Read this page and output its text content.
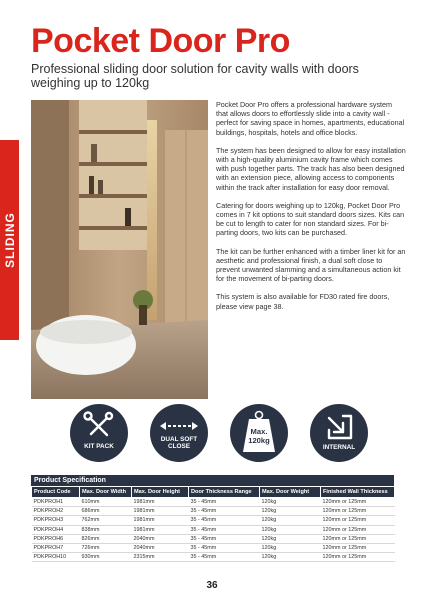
Pocket Door Pro
Professional sliding door solution for cavity walls with doors weighing up to 120kg
SLIDING

Pocket Door Pro offers a professional hardware system that allows doors to effortlessly slide into a cavity wall - perfect for saving space in homes, apartments, educational buildings, hospitals, hotels and office blocks.

The system has been designed to allow for easy installation with a high-quality aluminium cavity frame which comes with push together parts. The track has also been designed with an extension piece, allowing access to components within the track after installation for easy door removal.

Catering for doors weighing up to 120kg, Pocket Door Pro comes in 7 kit options to suit standard doors sizes. Kits can be cut to length to cater for non standard sizes. For bi-parting doors, two kits can be purchased.

The kit can be further enhanced with a timber liner kit for an aesthetic and professional finish, a dual soft close to prevent unwanted slamming and a simultaneous action kit for the movement of bi-parting doors.

This system is also available for FD30 rated fire doors, please view page 38.

KIT PACK
DUAL SOFT CLOSE
Max.
120kg
INTERNAL
Product Specification
Product Code	Max. Door Width	Max. Door Height	Door Thickness Range	Max. Door Weight	Finished Wall Thickness
PDKPROH1	610mm	1981mm	35 - 45mm	120kg	120mm or 125mm
PDKPROH2	686mm	1981mm	35 - 45mm	120kg	120mm or 125mm
PDKPROH3	762mm	1981mm	35 - 45mm	120kg	120mm or 125mm
PDKPROH4	838mm	1981mm	35 - 45mm	120kg	120mm or 125mm
PDKPROH6	826mm	2040mm	35 - 45mm	120kg	120mm or 125mm
PDKPROH7	726mm	2040mm	35 - 45mm	120kg	120mm or 125mm
PDKPROH10	930mm	2315mm	35 - 45mm	120kg	120mm or 125mm
36
